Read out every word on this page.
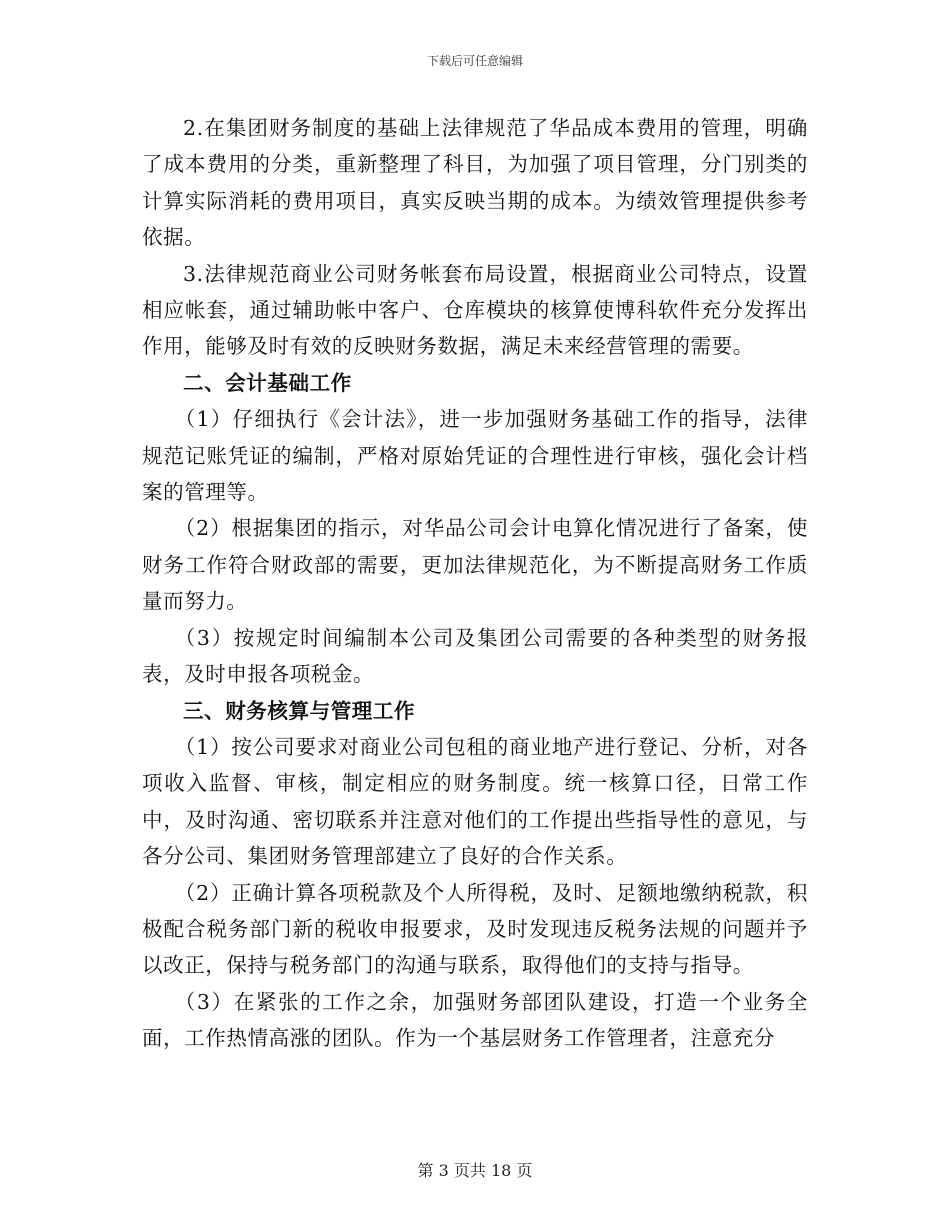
下载后可任意编辑

2.在集团财务制度的基础上法律规范了华品成本费用的管理，明确了成本费用的分类，重新整理了科目，为加强了项目管理，分门别类的计算实际消耗的费用项目，真实反映当期的成本。为绩效管理提供参考依据。

3.法律规范商业公司财务帐套布局设置，根据商业公司特点，设置相应帐套，通过辅助帐中客户、仓库模块的核算使博科软件充分发挥出作用，能够及时有效的反映财务数据，满足未来经营管理的需要。

二、会计基础工作

（1）仔细执行《会计法》，进一步加强财务基础工作的指导，法律规范记账凭证的编制，严格对原始凭证的合理性进行审核，强化会计档案的管理等。

（2）根据集团的指示，对华品公司会计电算化情况进行了备案，使财务工作符合财政部的需要，更加法律规范化，为不断提高财务工作质量而努力。

（3）按规定时间编制本公司及集团公司需要的各种类型的财务报表，及时申报各项税金。

三、财务核算与管理工作

（1）按公司要求对商业公司包租的商业地产进行登记、分析，对各项收入监督、审核，制定相应的财务制度。统一核算口径，日常工作中，及时沟通、密切联系并注意对他们的工作提出些指导性的意见，与各分公司、集团财务管理部建立了良好的合作关系。

（2）正确计算各项税款及个人所得税，及时、足额地缴纳税款，积极配合税务部门新的税收申报要求，及时发现违反税务法规的问题并予以改正，保持与税务部门的沟通与联系，取得他们的支持与指导。

（3）在紧张的工作之余，加强财务部团队建设，打造一个业务全面，工作热情高涨的团队。作为一个基层财务工作管理者，注意充分

第 3 页共 18 页
